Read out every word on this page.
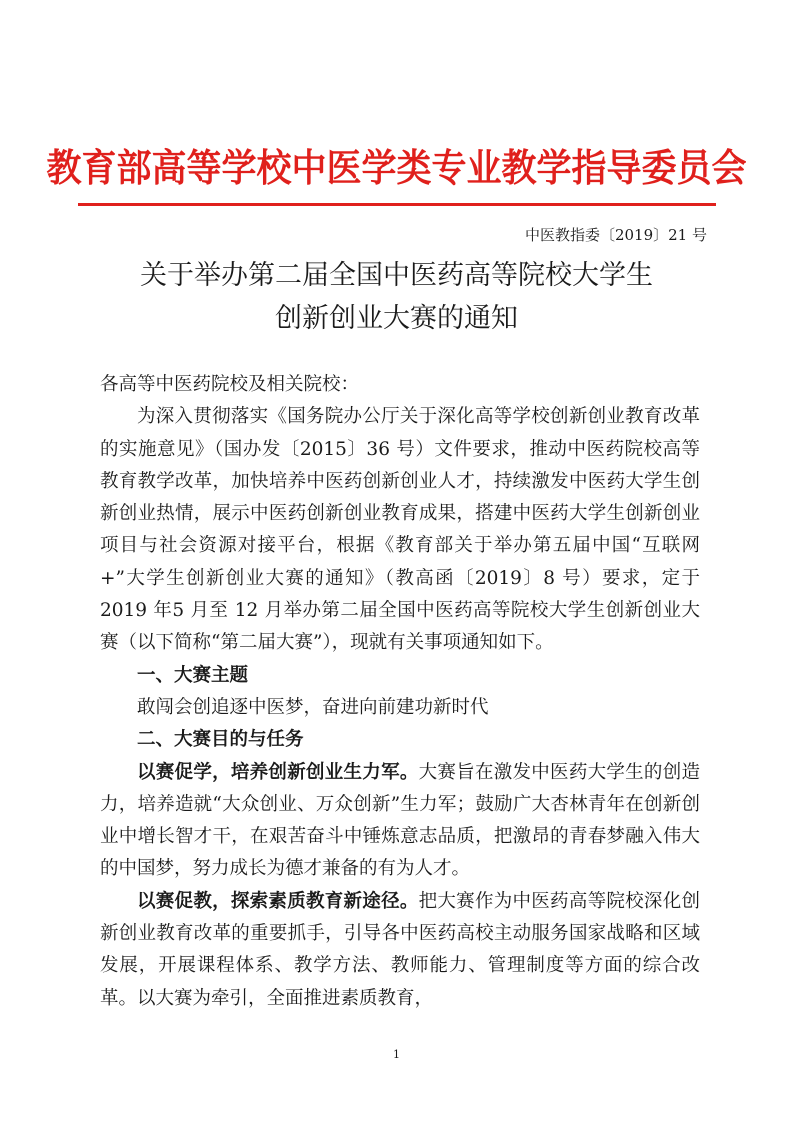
教育部高等学校中医学类专业教学指导委员会
中医教指委〔2019〕21 号
关于举办第二届全国中医药高等院校大学生
创新创业大赛的通知

各高等中医药院校及相关院校：

为深入贯彻落实《国务院办公厅关于深化高等学校创新创业教育改革的实施意见》（国办发〔2015〕36 号）文件要求，推动中医药院校高等教育教学改革，加快培养中医药创新创业人才，持续激发中医药大学生创新创业热情，展示中医药创新创业教育成果，搭建中医药大学生创新创业项目与社会资源对接平台，根据《教育部关于举办第五届中国“互联网+”大学生创新创业大赛的通知》（教高函〔2019〕8 号）要求，定于 2019 年5 月至 12 月举办第二届全国中医药高等院校大学生创新创业大赛（以下简称“第二届大赛”），现就有关事项通知如下。

一、大赛主题

敢闯会创追逐中医梦，奋进向前建功新时代

二、大赛目的与任务

以赛促学，培养创新创业生力军。大赛旨在激发中医药大学生的创造力，培养造就“大众创业、万众创新”生力军；鼓励广大杏林青年在创新创业中增长智才干，在艰苦奋斗中锤炼意志品质，把激昂的青春梦融入伟大的中国梦，努力成长为德才兼备的有为人才。

以赛促教，探索素质教育新途径。把大赛作为中医药高等院校深化创新创业教育改革的重要抓手，引导各中医药高校主动服务国家战略和区域发展，开展课程体系、教学方法、教师能力、管理制度等方面的综合改革。以大赛为牵引，全面推进素质教育，

1
